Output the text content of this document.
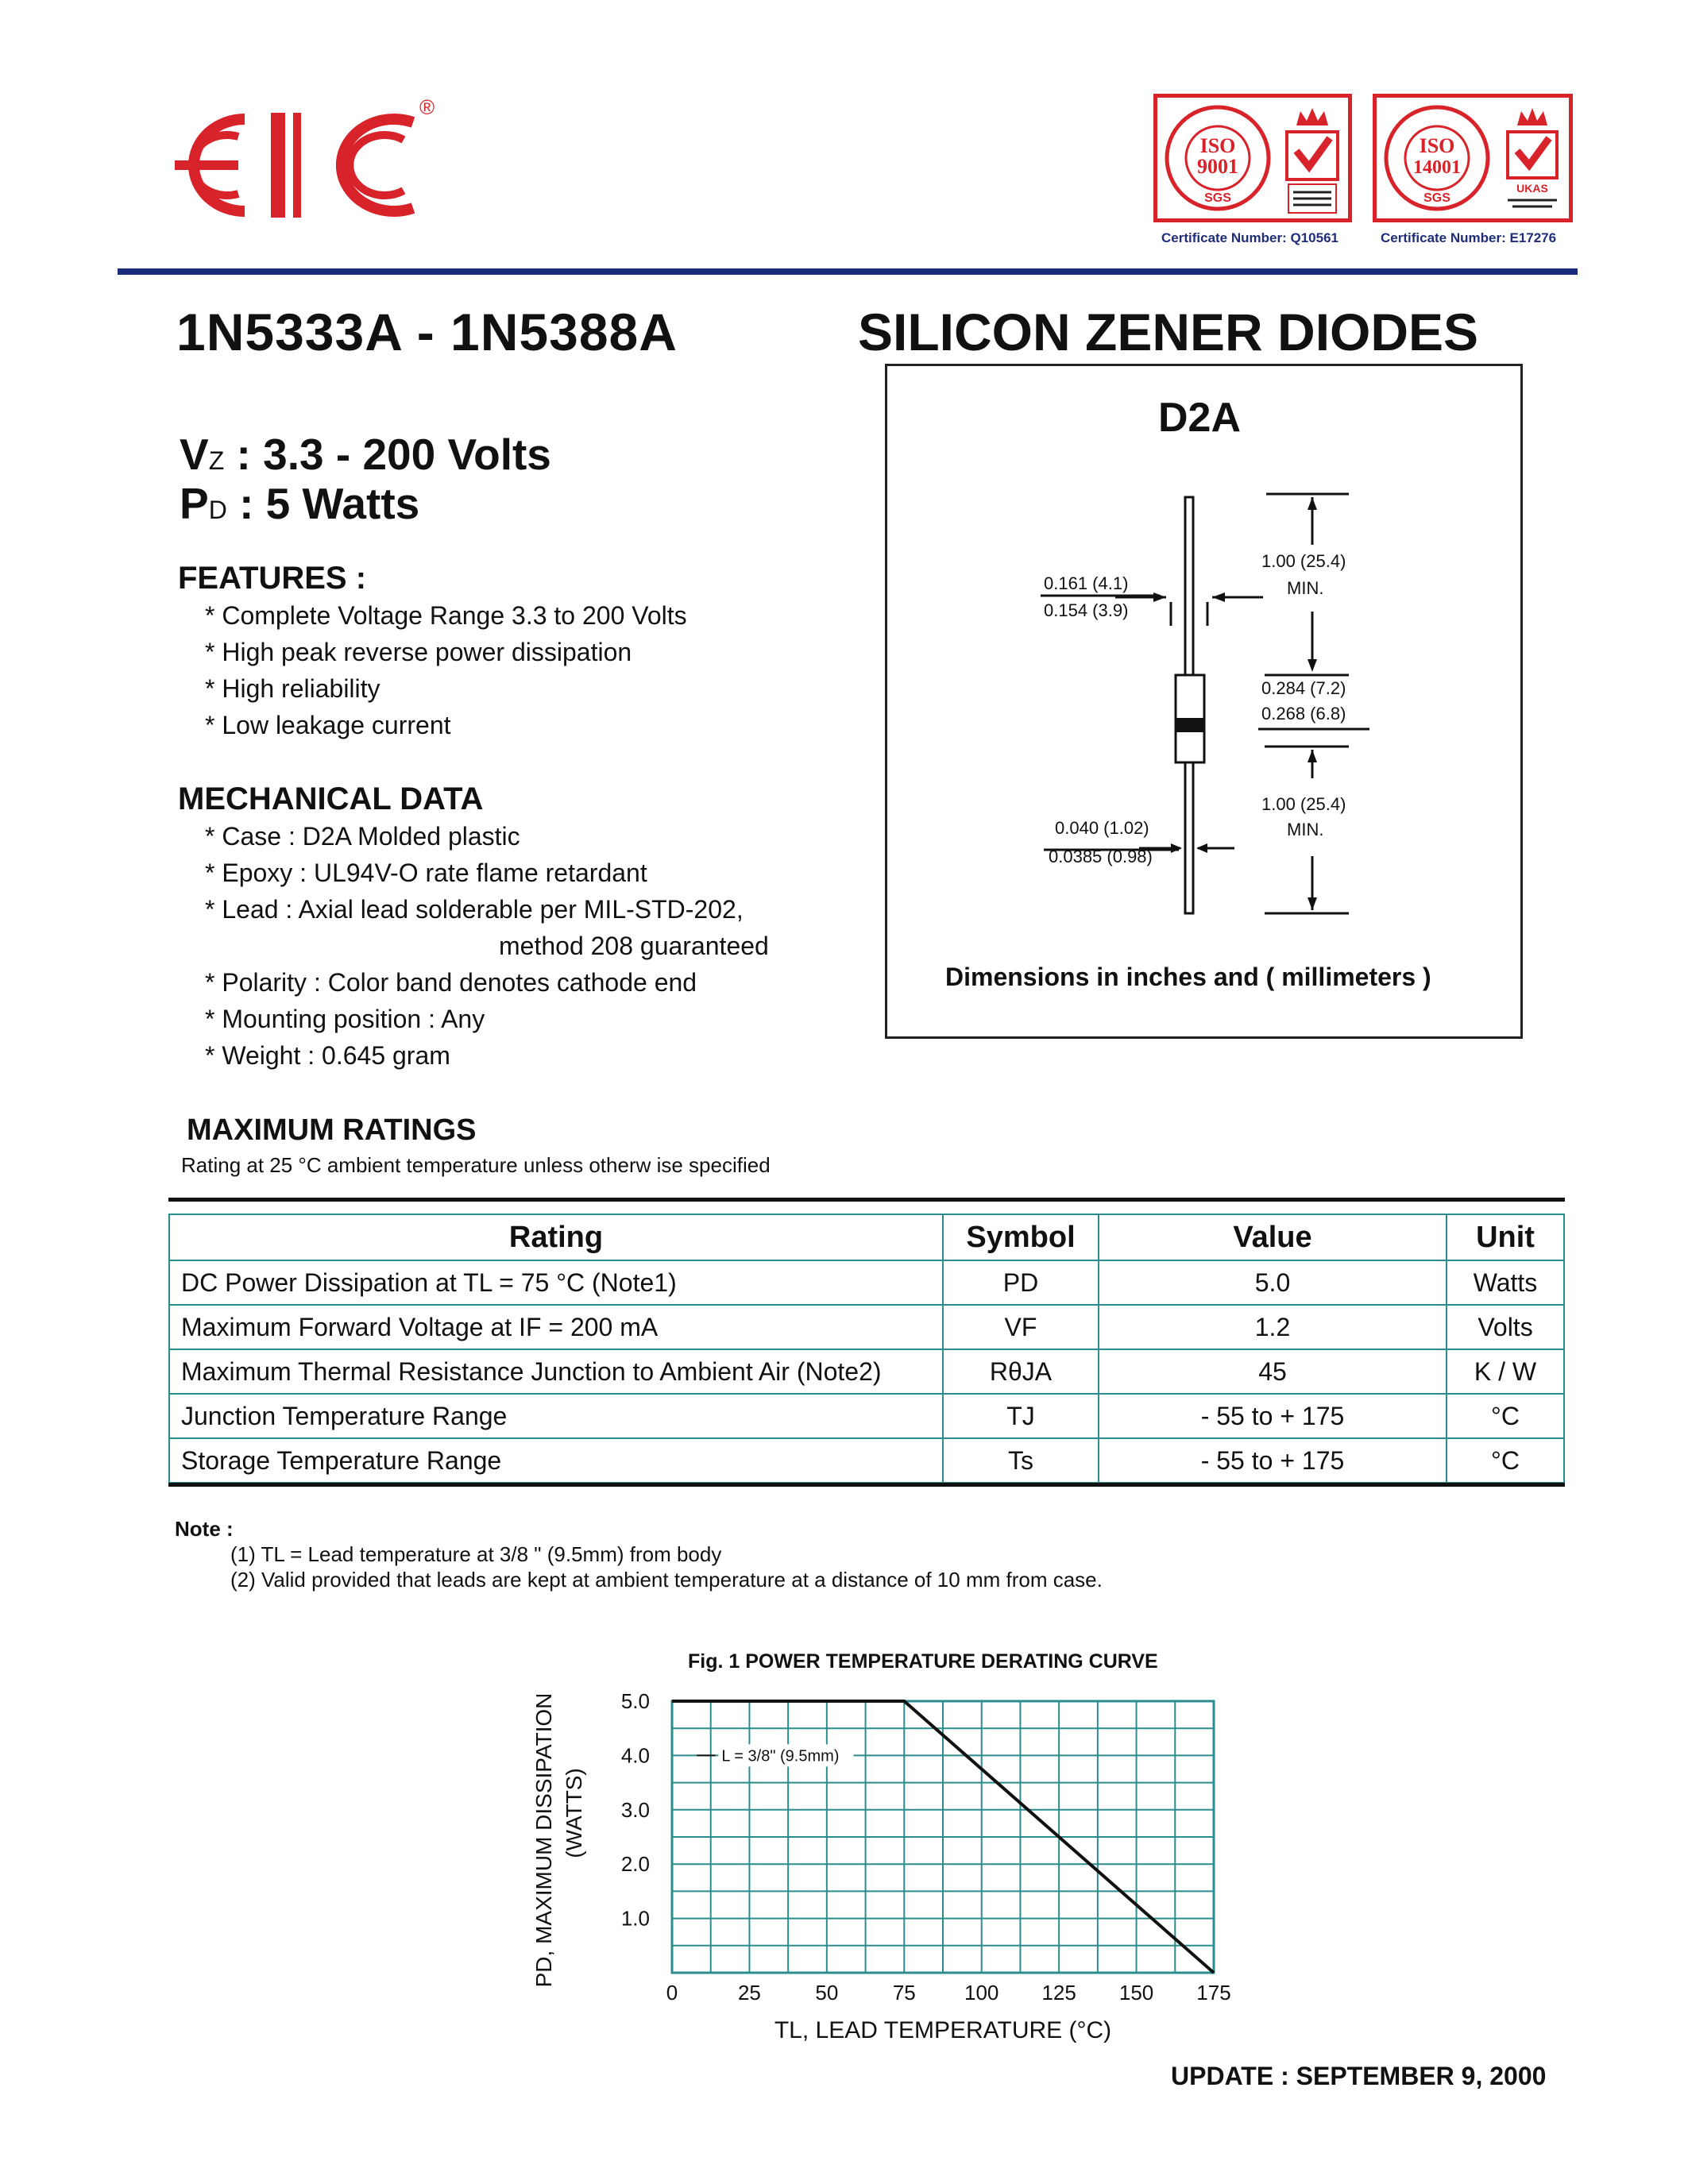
®
ISO
9001
SGS
Certificate Number: Q10561
ISO
14001
SGS
UKAS
Certificate Number: E17276
1N5333A - 1N5388A	SILICON ZENER DIODES
VZ : 3.3 - 200 Volts
PD : 5 Watts
FEATURES :
* Complete Voltage Range 3.3 to 200 Volts
* High peak reverse power dissipation
* High reliability
* Low leakage current
MECHANICAL DATA
* Case : D2A Molded plastic
* Epoxy : UL94V-O rate flame retardant
* Lead : Axial lead solderable per MIL-STD-202,
method 208 guaranteed
* Polarity : Color band denotes cathode end
* Mounting position : Any
* Weight : 0.645 gram
D2A
0.161 (4.1)
0.154 (3.9)
1.00 (25.4)
MIN.
0.284 (7.2)
0.268 (6.8)
1.00 (25.4)
MIN.
0.040 (1.02)
0.0385 (0.98)
Dimensions in inches and ( millimeters )
MAXIMUM RATINGS
Rating at 25 °C ambient temperature unless otherw ise specified
Rating	Symbol	Value	Unit
DC Power Dissipation at TL = 75 °C (Note1)	PD	5.0	Watts
Maximum Forward Voltage at IF = 200 mA	VF	1.2	Volts
Maximum Thermal Resistance Junction to Ambient Air (Note2)	RθJA	45	K / W
Junction Temperature Range	TJ	- 55 to + 175	°C
Storage Temperature Range	Ts	- 55 to + 175	°C
Note :
(1) TL = Lead temperature at 3/8 " (9.5mm) from body
(2) Valid provided that leads are kept at ambient temperature at a distance of 10 mm from case.
Fig. 1 POWER TEMPERATURE DERATING CURVE
0	25	50	75 100 125 150 175
1.0
2.0
3.0
4.0
5.0
TL, LEAD TEMPERATURE (°C)
PD, MAXIMUM DISSIPATION (WATTS)
L = 3/8" (9.5mm)
UPDATE : SEPTEMBER 9, 2000
